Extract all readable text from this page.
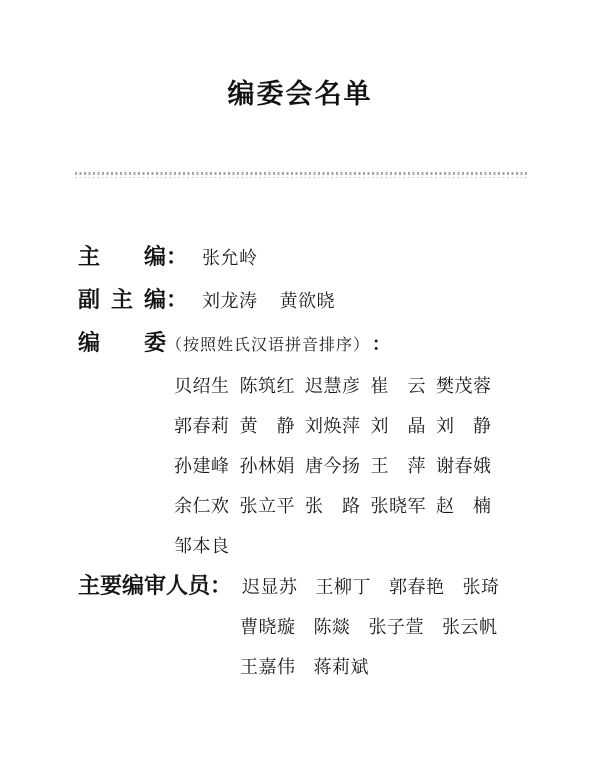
编委会名单
主 编 ： 张允岭
副 主 编 ： 刘龙涛 黄欲晓
编 委 （按照姓氏汉语拼音排序） ：
贝绍生 陈筑红 迟慧彦 崔　云 樊茂蓉
郭春莉 黄　静 刘焕萍 刘　晶 刘　静
孙建峰 孙林娟 唐今扬 王　萍 谢春娥
余仁欢 张立平 张　路 张晓军 赵　楠
邹本良
主要编审人员 ： 迟显苏 王柳丁 郭春艳 张琦
曹晓璇 陈燚 张子萱 张云帆
王嘉伟 蒋莉斌
